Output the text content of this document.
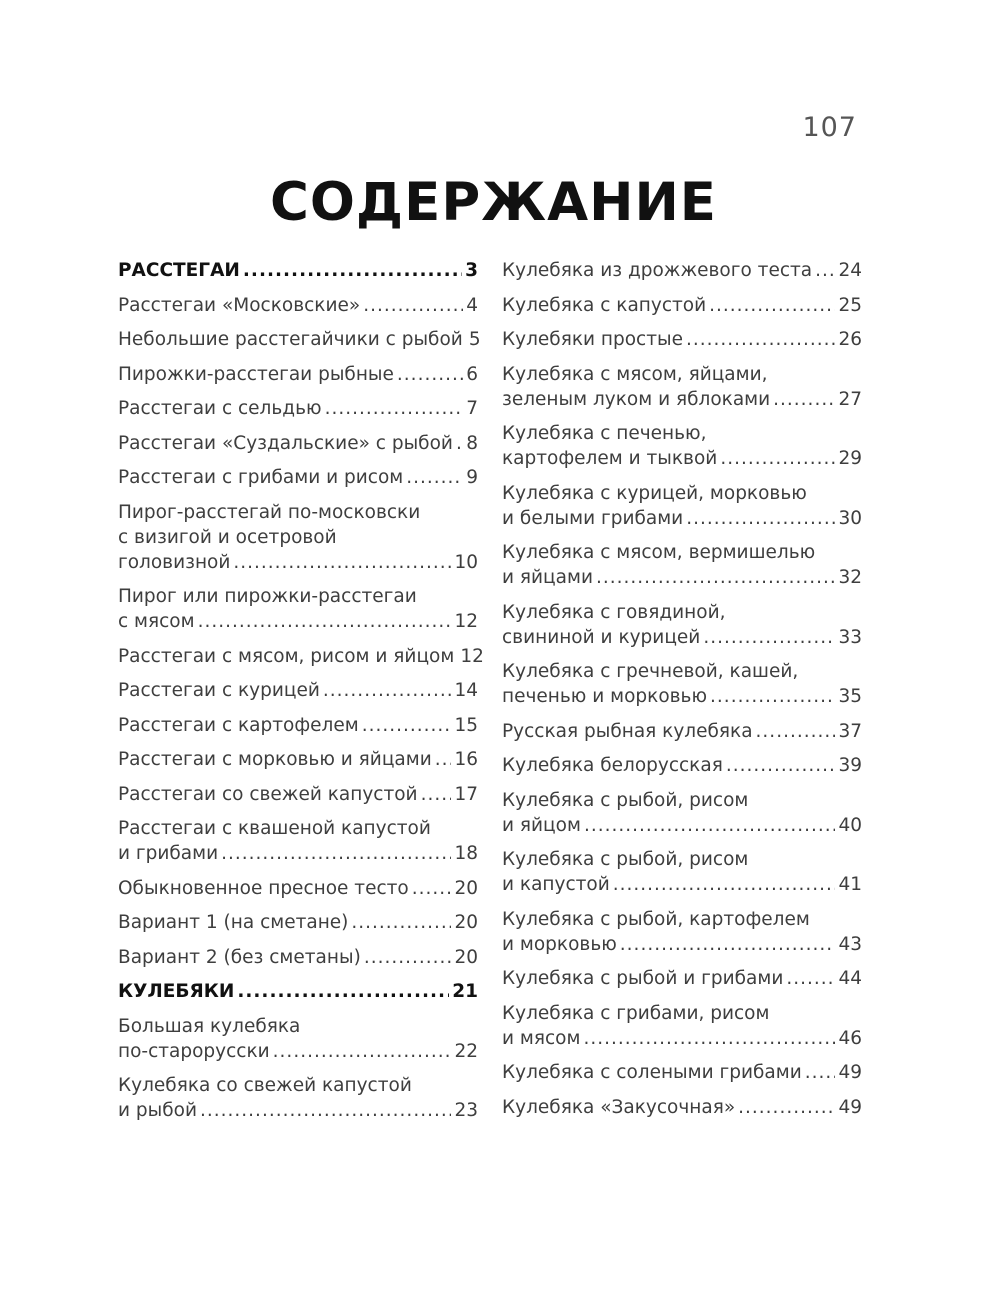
107
СОДЕРЖАНИЕ
РАССТЕГАИ .....	3
Расстегаи «Московские» .....	4
Небольшие расстегайчики с рыбой 5
Пирожки-расстегаи рыбные .....	6
Расстегаи с сельдью .....	7
Расстегаи «Суздальские» с рыбой ..... 8
Расстегаи с грибами и рисом .....	9
Пирог-расстегай по-московски
с визигой и осетровой
головизной .....	10
Пирог или пирожки-расстегаи
с мясом .....	12
Расстегаи с мясом, рисом и яйцом 12
Расстегаи с курицей .....	14
Расстегаи с картофелем .....	15
Расстегаи с морковью и яйцами ..... 16
Расстегаи со свежей капустой ..... 17
Расстегаи с квашеной капустой
и грибами .....	18
Обыкновенное пресное тесто ..... 20
Вариант 1 (на сметане) .....	20
Вариант 2 (без сметаны) .....	20
КУЛЕБЯКИ .....	21
Большая кулебяка
по-старорусски .....	22
Кулебяка со свежей капустой
и рыбой .....	23
Кулебяка из дрожжевого теста ..... 24
Кулебяка с капустой .....	25
Кулебяки простые .....	26
Кулебяка с мясом, яйцами,
зеленым луком и яблоками .....	27
Кулебяка с печенью,
картофелем и тыквой .....	29
Кулебяка с курицей, морковью
и белыми грибами .....	30
Кулебяка с мясом, вермишелью
и яйцами .....	32
Кулебяка с говядиной,
свининой и курицей .....	33
Кулебяка с гречневой, кашей,
печенью и морковью .....	35
Русская рыбная кулебяка .....	37
Кулебяка белорусская .....	39
Кулебяка с рыбой, рисом
и яйцом .....	40
Кулебяка с рыбой, рисом
и капустой .....	41
Кулебяка с рыбой, картофелем
и морковью .....	43
Кулебяка с рыбой и грибами .....	44
Кулебяка с грибами, рисом
и мясом .....	46
Кулебяка с солеными грибами ..... 49
Кулебяка «Закусочная» .....	49
